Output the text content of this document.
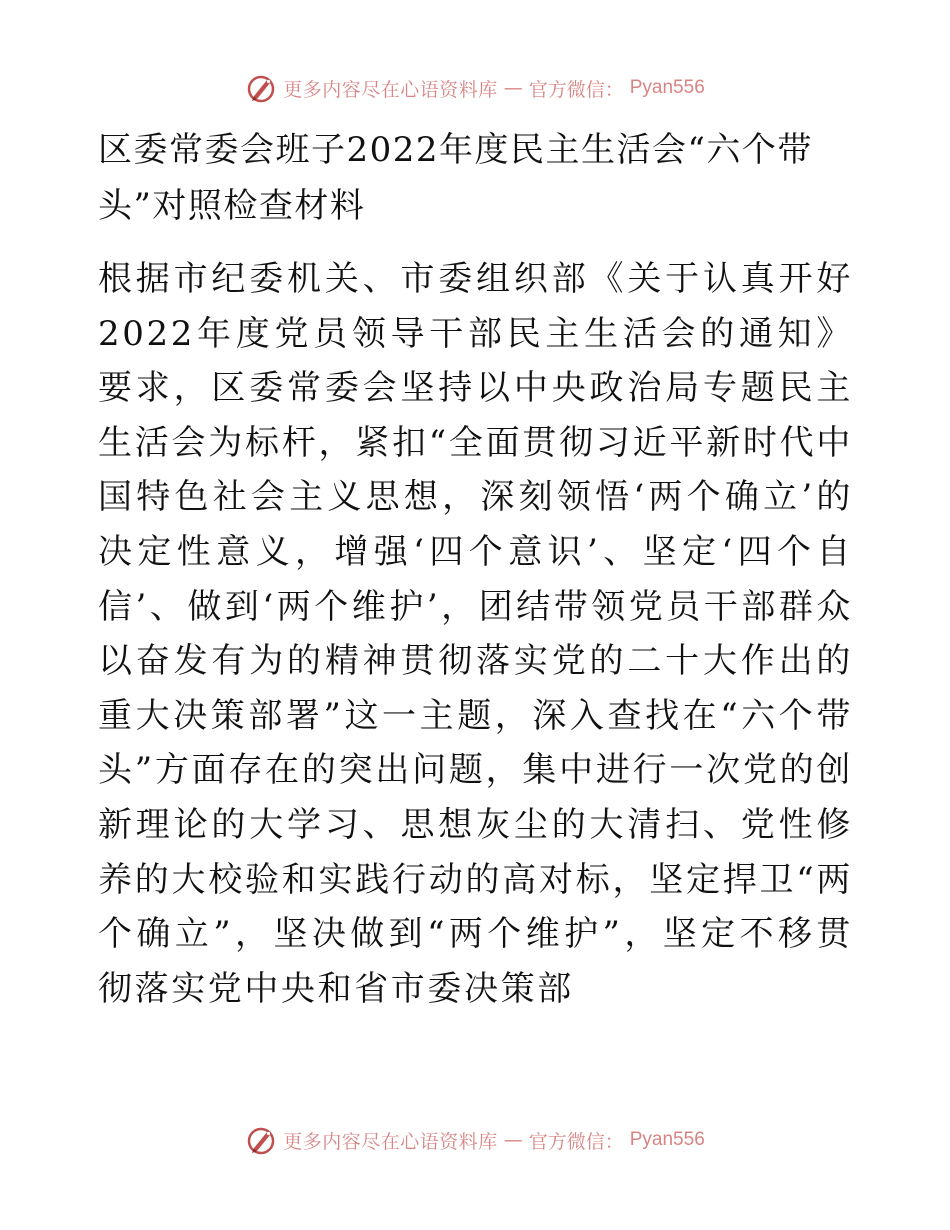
更多内容尽在心语资料库 — 官方微信： Pyan556
区委常委会班子2022年度民主生活会“六个带头”对照检查材料

根据市纪委机关、市委组织部《关于认真开好2022年度党员领导干部民主生活会的通知》要求，区委常委会坚持以中央政治局专题民主生活会为标杆，紧扣“全面贯彻习近平新时代中国特色社会主义思想，深刻领悟‘两个确立’的决定性意义，增强‘四个意识’、坚定‘四个自信’、做到‘两个维护’，团结带领党员干部群众以奋发有为的精神贯彻落实党的二十大作出的重大决策部署”这一主题，深入查找在“六个带头”方面存在的突出问题，集中进行一次党的创新理论的大学习、思想灰尘的大清扫、党性修养的大校验和实践行动的高对标，坚定捍卫“两个确立”，坚决做到“两个维护”，坚定不移贯彻落实党中央和省市委决策部

更多内容尽在心语资料库 — 官方微信： Pyan556
